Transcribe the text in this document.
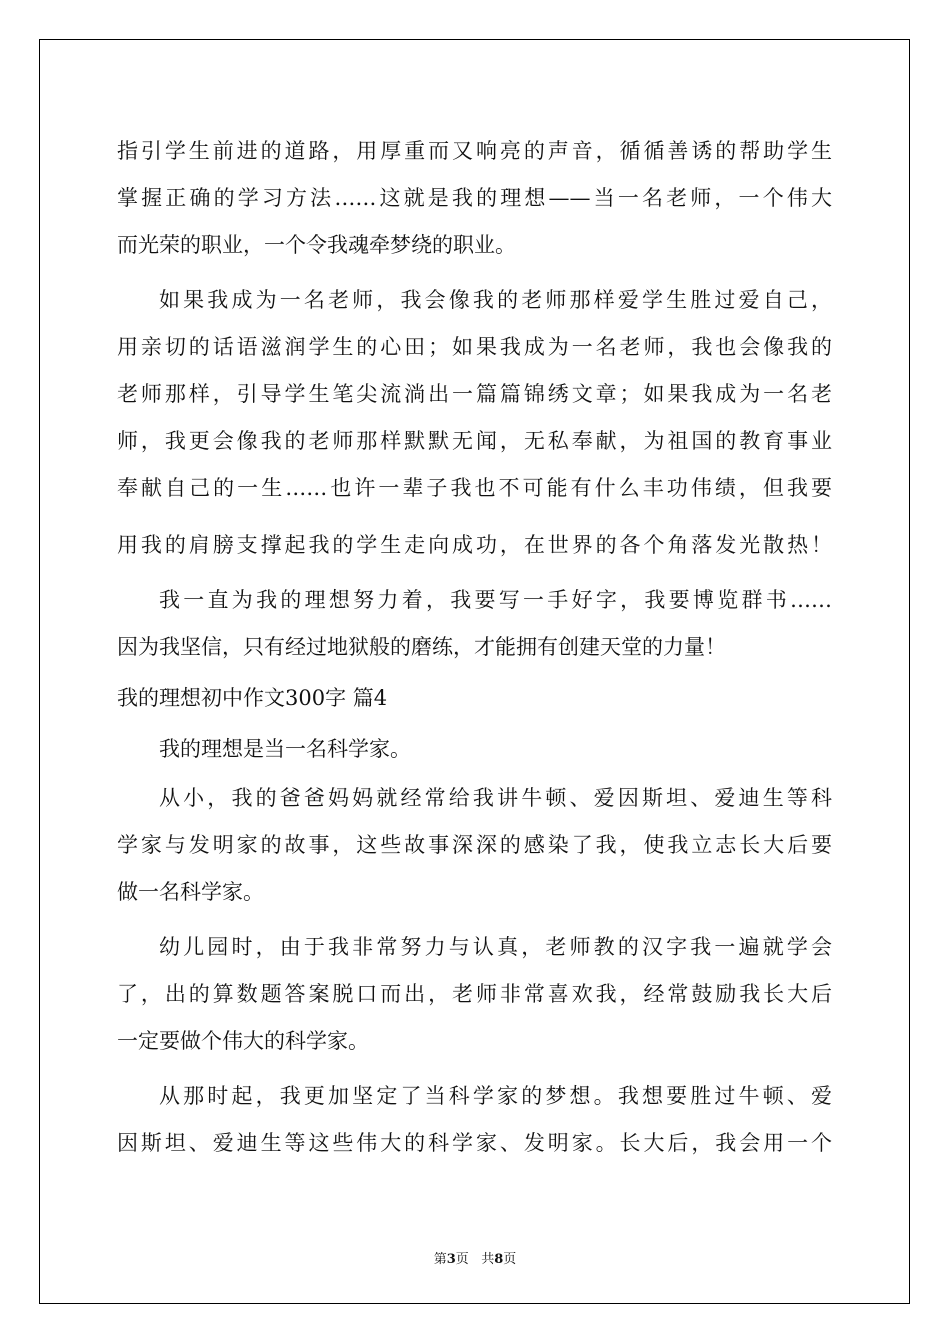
指引学生前进的道路，用厚重而又响亮的声音，循循善诱的帮助学生
掌握正确的学习方法……这就是我的理想——当一名老师，一个伟大
而光荣的职业，一个令我魂牵梦绕的职业。
如果我成为一名老师，我会像我的老师那样爱学生胜过爱自己，
用亲切的话语滋润学生的心田；如果我成为一名老师，我也会像我的
老师那样，引导学生笔尖流淌出一篇篇锦绣文章；如果我成为一名老
师，我更会像我的老师那样默默无闻，无私奉献，为祖国的教育事业
奉献自己的一生……也许一辈子我也不可能有什么丰功伟绩，但我要
用我的肩膀支撑起我的学生走向成功，在世界的各个角落发光散热！
我一直为我的理想努力着，我要写一手好字，我要博览群书……
因为我坚信，只有经过地狱般的磨练，才能拥有创建天堂的力量！
我的理想初中作文300字 篇4
我的理想是当一名科学家。
从小，我的爸爸妈妈就经常给我讲牛顿、爱因斯坦、爱迪生等科
学家与发明家的故事，这些故事深深的感染了我，使我立志长大后要
做一名科学家。
幼儿园时，由于我非常努力与认真，老师教的汉字我一遍就学会
了，出的算数题答案脱口而出，老师非常喜欢我，经常鼓励我长大后
一定要做个伟大的科学家。
从那时起，我更加坚定了当科学家的梦想。我想要胜过牛顿、爱
因斯坦、爱迪生等这些伟大的科学家、发明家。长大后，我会用一个
第3页 共8页
